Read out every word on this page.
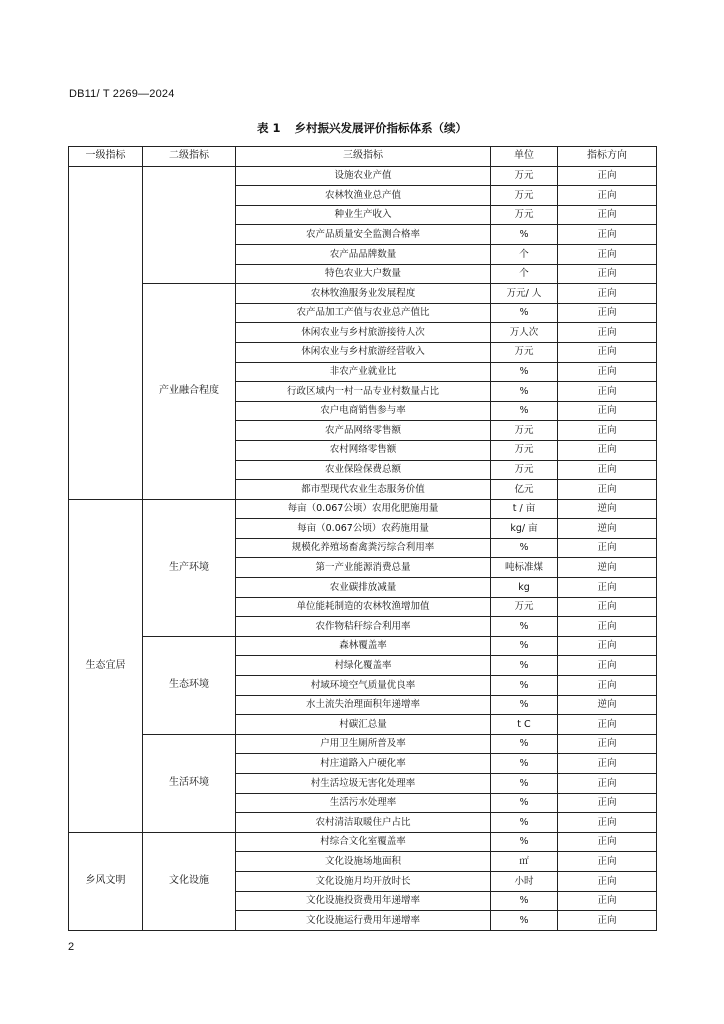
DB11/ T 2269—2024
表 1 乡村振兴发展评价指标体系（续）
一级指标	二级指标	三级指标	单位	指标方向
		设施农业产值	万元	正向
		农林牧渔业总产值	万元	正向
		种业生产收入	万元	正向
		农产品质量安全监测合格率	%	正向
		农产品品牌数量	个	正向
		特色农业大户数量	个	正向
	产业融合程度	农林牧渔服务业发展程度	万元/ 人	正向
		农产品加工产值与农业总产值比	%	正向
		休闲农业与乡村旅游接待人次	万人次	正向
		休闲农业与乡村旅游经营收入	万元	正向
		非农产业就业比	%	正向
		行政区域内一村一品专业村数量占比	%	正向
		农户电商销售参与率	%	正向
		农产品网络零售额	万元	正向
		农村网络零售额	万元	正向
		农业保险保费总额	万元	正向
		都市型现代农业生态服务价值	亿元	正向
生态宜居	生产环境	每亩（0.067公顷）农用化肥施用量	t / 亩	逆向
		每亩（0.067公顷）农药施用量	kg/ 亩	逆向
		规模化养殖场畜禽粪污综合利用率	%	正向
		第一产业能源消费总量	吨标准煤	逆向
		农业碳排放减量	kg	正向
		单位能耗制造的农林牧渔增加值	万元	正向
		农作物秸秆综合利用率	%	正向
	生态环境	森林覆盖率	%	正向
		村绿化覆盖率	%	正向
		村域环境空气质量优良率	%	正向
		水土流失治理面积年递增率	%	逆向
		村碳汇总量	t C	正向
	生活环境	户用卫生厕所普及率	%	正向
		村庄道路入户硬化率	%	正向
		村生活垃圾无害化处理率	%	正向
		生活污水处理率	%	正向
		农村清洁取暖住户占比	%	正向
乡风文明	文化设施	村综合文化室覆盖率	%	正向
		文化设施场地面积	㎡	正向
		文化设施月均开放时长	小时	正向
		文化设施投资费用年递增率	%	正向
		文化设施运行费用年递增率	%	正向
2
